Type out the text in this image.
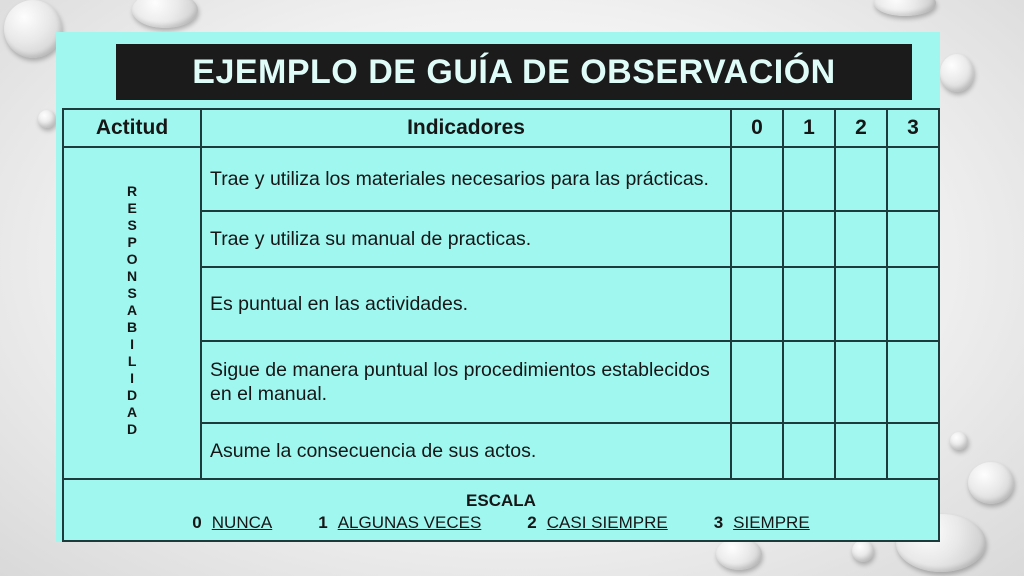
EJEMPLO DE GUÍA DE OBSERVACIÓN
Actitud	Indicadores	0	1	2	3
RESPONSABILIDAD	Trae y utiliza los materiales necesarios para las prácticas.				
	Trae y utiliza su manual de practicas.				
	Es puntual en las actividades.				
	Sigue de manera puntual los procedimientos establecidos en el manual.				
	Asume la consecuencia de sus actos.				

ESCALA
0 NUNCA 1 ALGUNAS VECES 2 CASI SIEMPRE 3 SIEMPRE					
